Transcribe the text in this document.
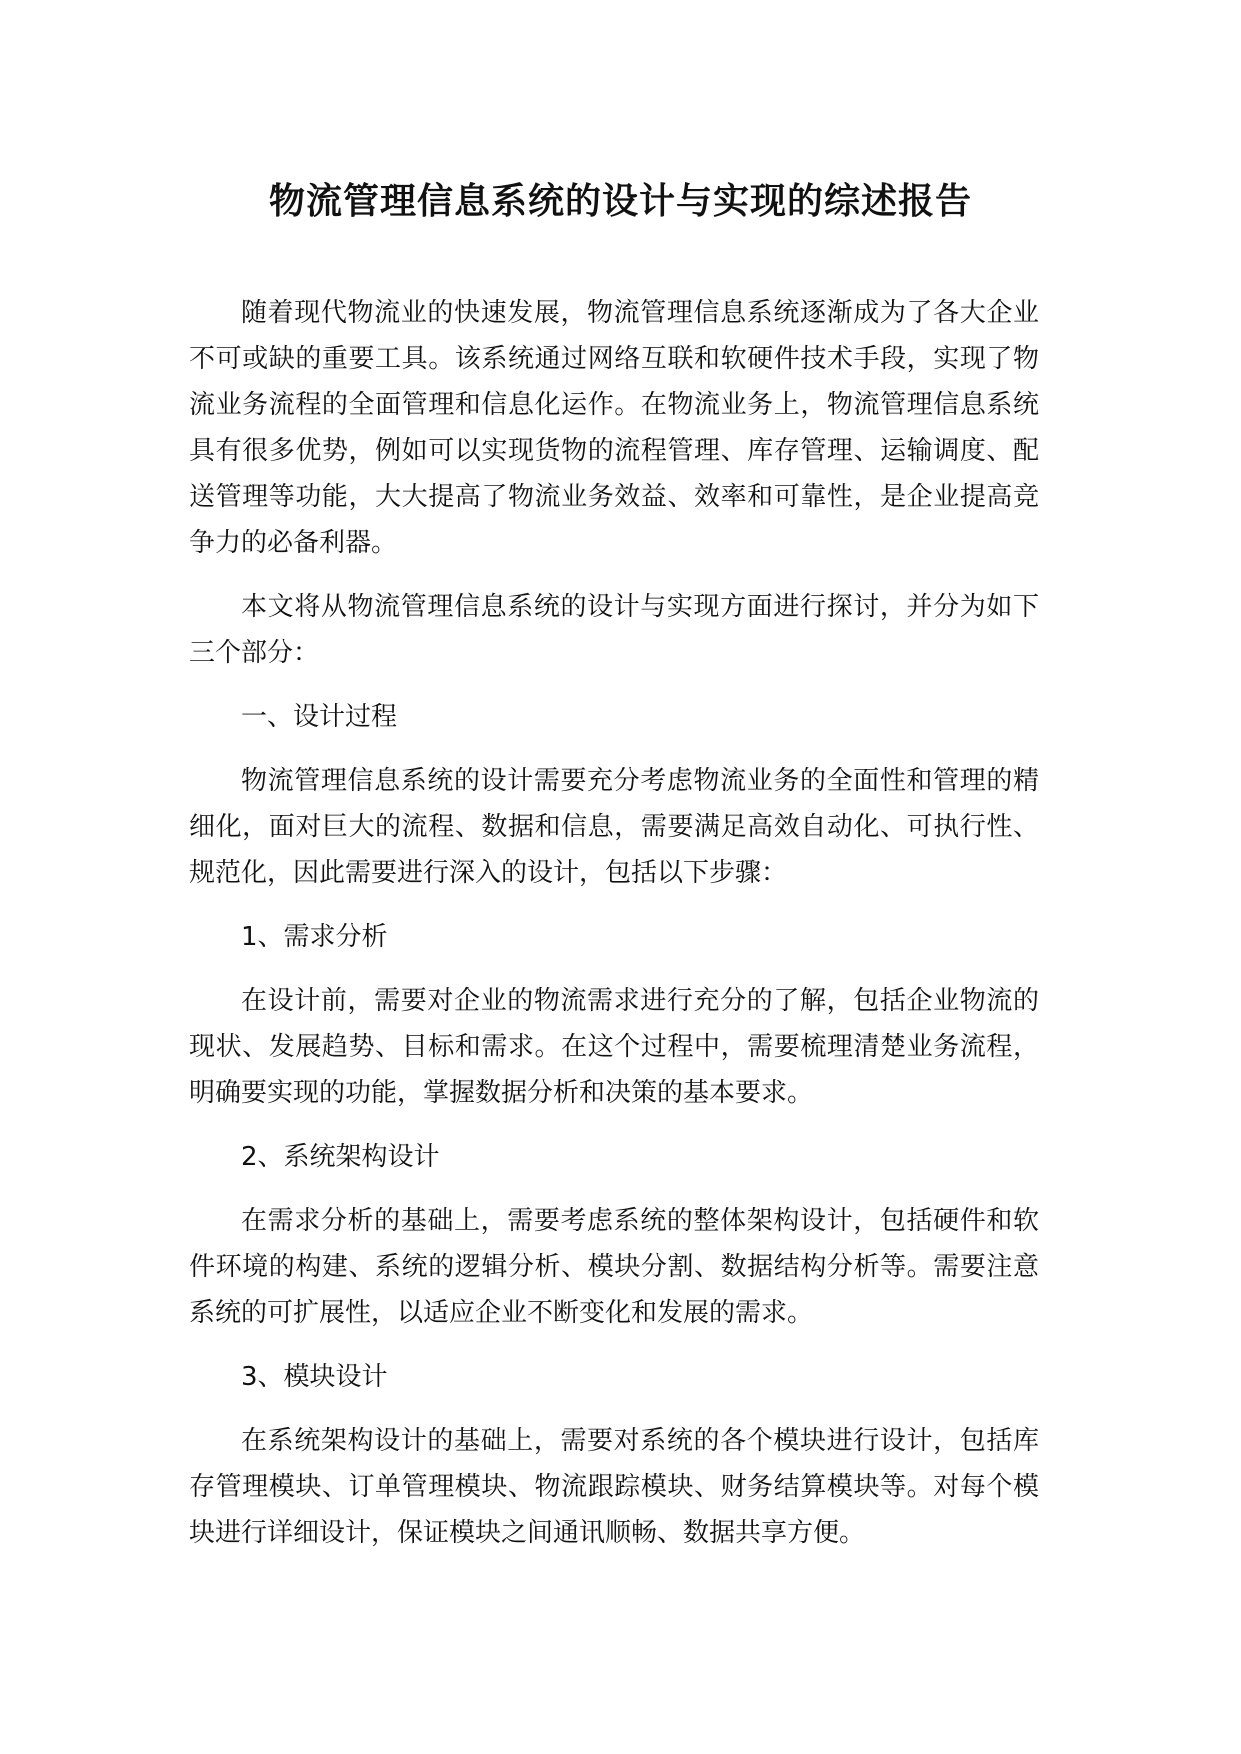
物流管理信息系统的设计与实现的综述报告

随着现代物流业的快速发展，物流管理信息系统逐渐成为了各大企业不可或缺的重要工具。该系统通过网络互联和软硬件技术手段，实现了物流业务流程的全面管理和信息化运作。在物流业务上，物流管理信息系统具有很多优势，例如可以实现货物的流程管理、库存管理、运输调度、配送管理等功能，大大提高了物流业务效益、效率和可靠性，是企业提高竞争力的必备利器。

本文将从物流管理信息系统的设计与实现方面进行探讨，并分为如下三个部分：

一、设计过程

物流管理信息系统的设计需要充分考虑物流业务的全面性和管理的精细化，面对巨大的流程、数据和信息，需要满足高效自动化、可执行性、规范化，因此需要进行深入的设计，包括以下步骤：

1、需求分析

在设计前，需要对企业的物流需求进行充分的了解，包括企业物流的现状、发展趋势、目标和需求。在这个过程中，需要梳理清楚业务流程，明确要实现的功能，掌握数据分析和决策的基本要求。

2、系统架构设计

在需求分析的基础上，需要考虑系统的整体架构设计，包括硬件和软件环境的构建、系统的逻辑分析、模块分割、数据结构分析等。需要注意系统的可扩展性，以适应企业不断变化和发展的需求。

3、模块设计

在系统架构设计的基础上，需要对系统的各个模块进行设计，包括库存管理模块、订单管理模块、物流跟踪模块、财务结算模块等。对每个模块进行详细设计，保证模块之间通讯顺畅、数据共享方便。
